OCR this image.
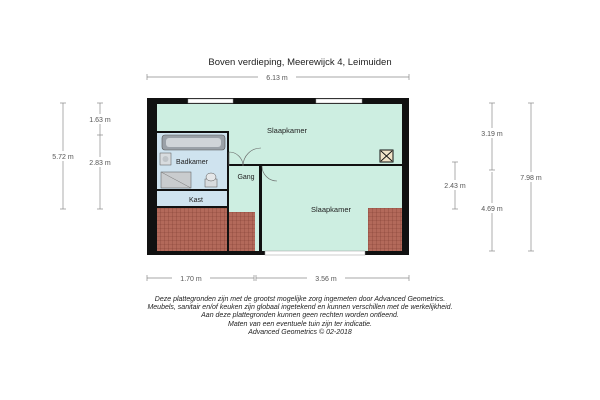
Boven verdieping, Meerewijck 4, Leimuiden
Slaapkamer
Badkamer
Gang
Slaapkamer
Kast
6.13 m
1.70 m	3.56 m
1.63 m
2.83 m
5.72 m
3.19 m
4.69 m
2.43 m
7.98 m
Deze plattegronden zijn met de grootst mogelijke zorg ingemeten door Advanced Geometrics.
Meubels, sanitair en/of keuken zijn globaal ingetekend en kunnen verschillen met de werkelijkheid.
Aan deze plattegronden kunnen geen rechten worden ontleend.
Maten van een eventuele tuin zijn ter indicatie.
Advanced Geometrics © 02-2018
